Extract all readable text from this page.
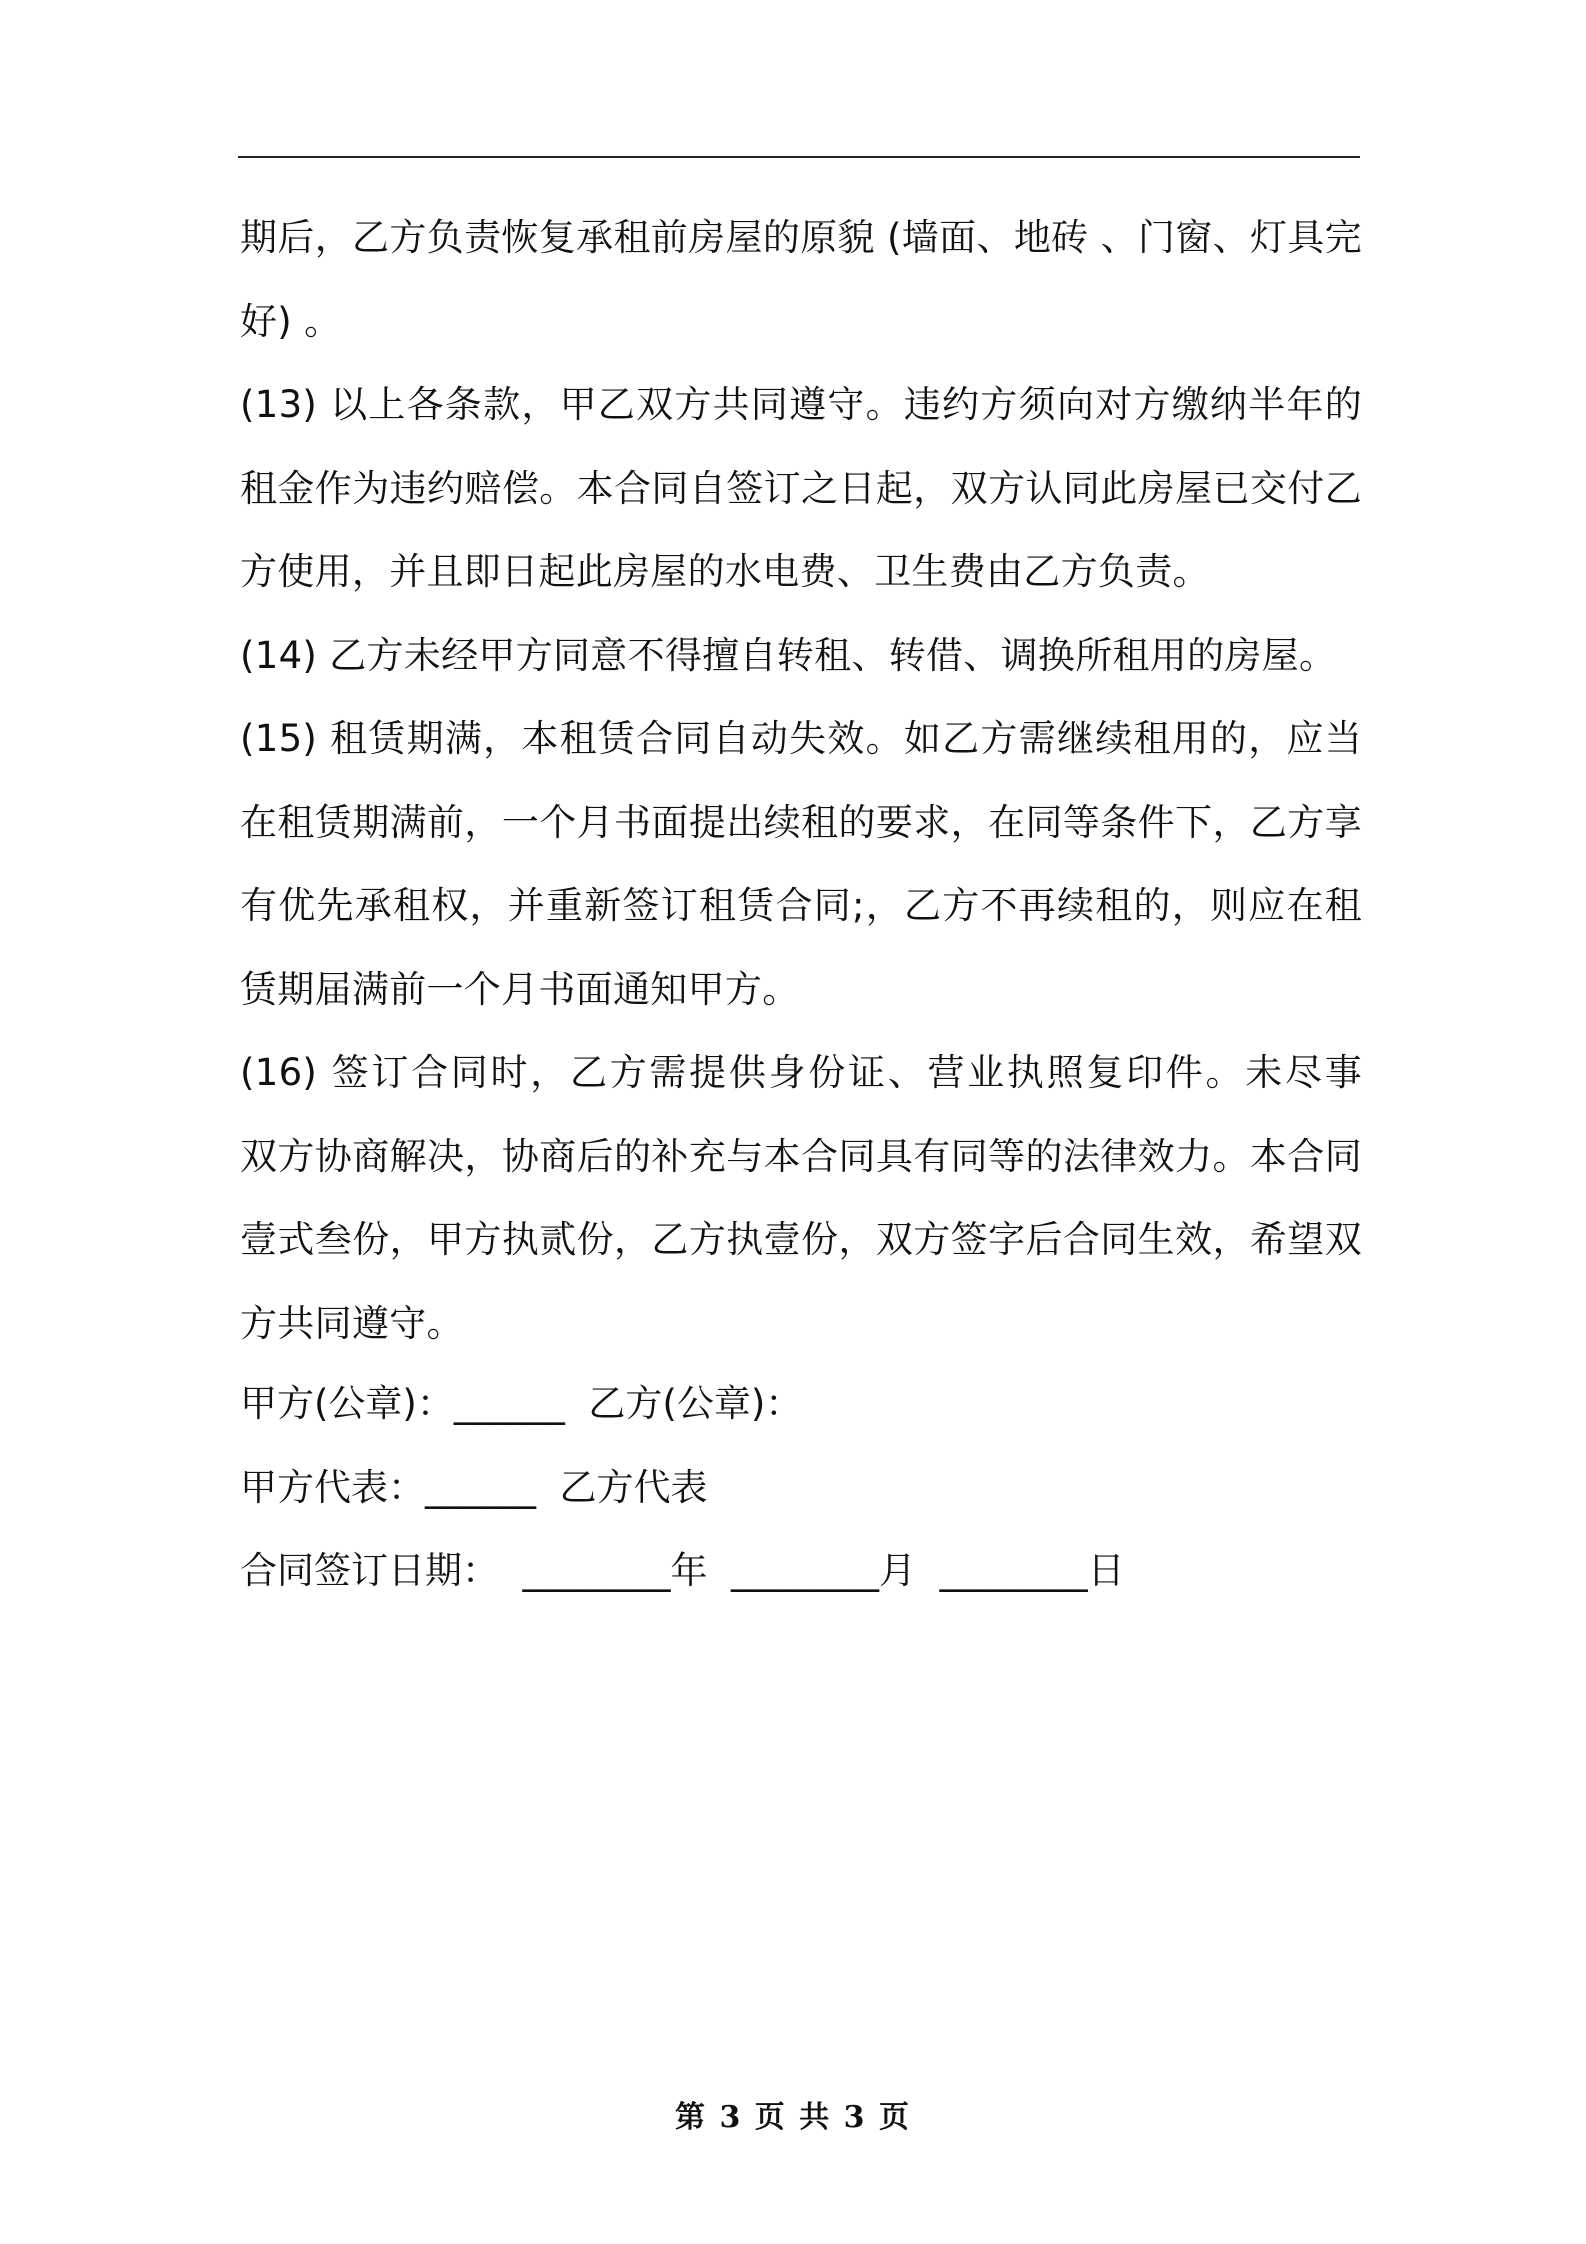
期后，乙方负责恢复承租前房屋的原貌 (墙面、地砖 、门窗、灯具完
好) 。
(13) 以上各条款，甲乙双方共同遵守。违约方须向对方缴纳半年的
租金作为违约赔偿。本合同自签订之日起，双方认同此房屋已交付乙
方使用，并且即日起此房屋的水电费、卫生费由乙方负责。
(14) 乙方未经甲方同意不得擅自转租、转借、调换所租用的房屋。
(15) 租赁期满，本租赁合同自动失效。如乙方需继续租用的，应当
在租赁期满前，一个月书面提出续租的要求，在同等条件下，乙方享
有优先承租权，并重新签订租赁合同;，乙方不再续租的，则应在租
赁期届满前一个月书面通知甲方。
(16) 签订合同时，乙方需提供身份证、营业执照复印件。未尽事
双方协商解决，协商后的补充与本合同具有同等的法律效力。本合同
壹式叁份，甲方执贰份，乙方执壹份，双方签字后合同生效，希望双
方共同遵守。
甲方(公章)：______  乙方(公章)：
甲方代表：______  乙方代表
合同签订日期：  ________年  ________月  ________日
第 3 页 共 3 页
